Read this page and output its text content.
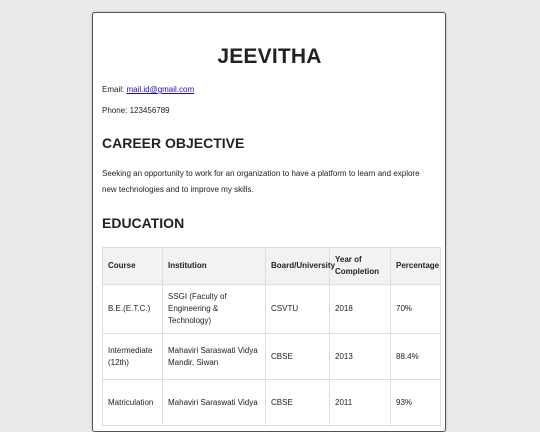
JEEVITHA

Email: mail.id@gmail.com

Phone: 123456789

CAREER OBJECTIVE

Seeking an opportunity to work for an organization to have a platform to learn and explore new technologies and to improve my skills.

EDUCATION
Course	Institution	Board/University	Year of Completion	Percentage
B.E.(E.T.C.)	SSGI (Faculty of Engineering & Technology)	CSVTU	2018	70%
Intermediate (12th)	Mahaviri Saraswati Vidya Mandir, Siwan	CBSE	2013	88.4%
Matriculation	Mahaviri Saraswati Vidya	CBSE	2011	93%
